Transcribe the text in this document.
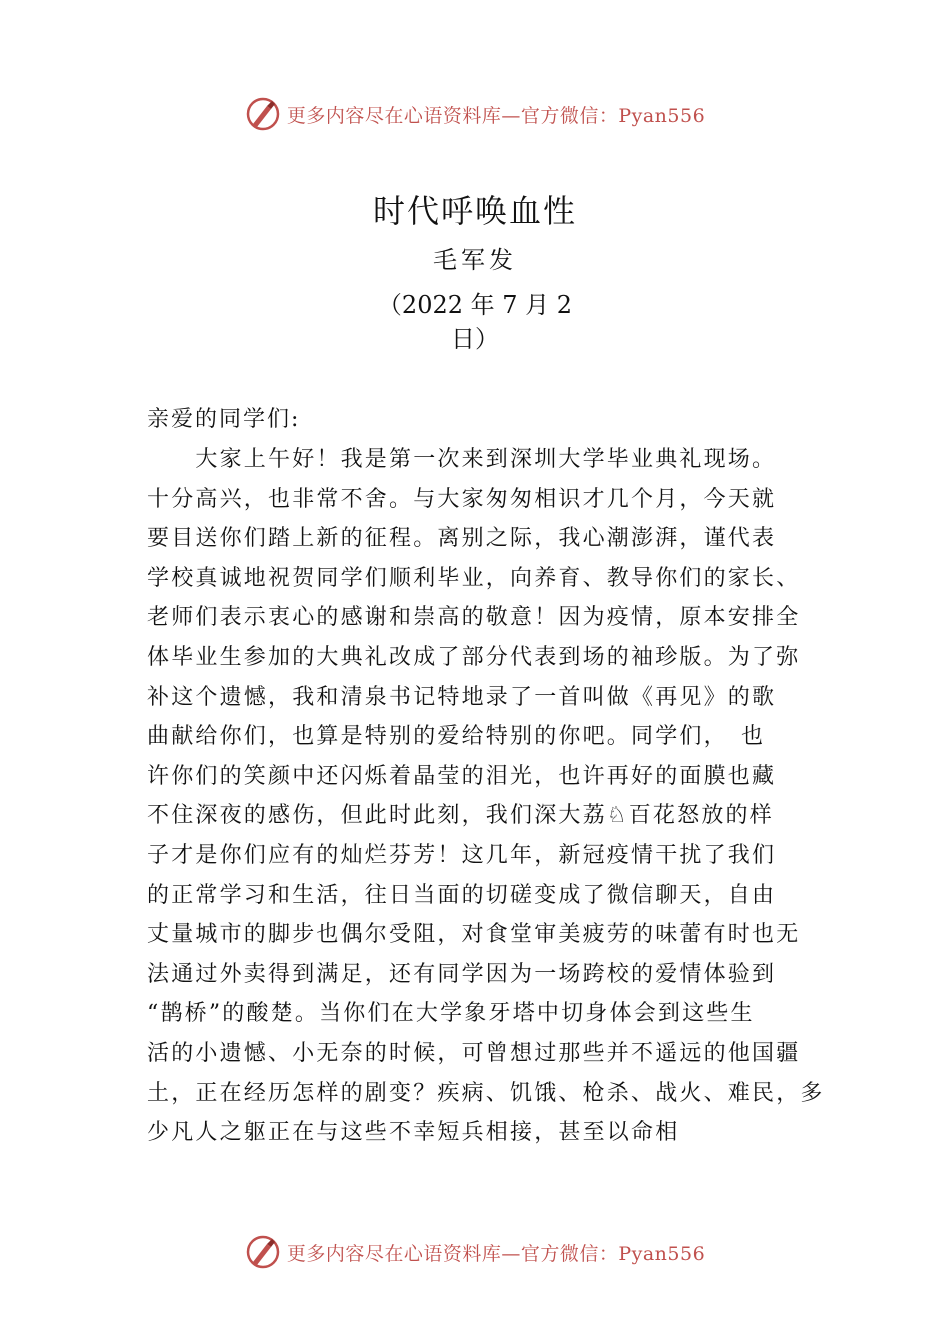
更多内容尽在心语资料库—官方微信：Pyan556
时代呼唤血性
毛军发
（2022 年 7 月 2
日）
亲爱的同学们:
　　大家上午好！我是第一次来到深圳大学毕业典礼现场。
十分高兴，也非常不舍。与大家匆匆相识才几个月，今天就
要目送你们踏上新的征程。离别之际，我心潮澎湃，谨代表
学校真诚地祝贺同学们顺利毕业，向养育、教导你们的家长、
老师们表示衷心的感谢和崇高的敬意！因为疫情，原本安排全
体毕业生参加的大典礼改成了部分代表到场的袖珍版。为了弥
补这个遗憾，我和清泉书记特地录了一首叫做《再见》的歌
曲献给你们，也算是特别的爱给特别的你吧。同学们，　也
许你们的笑颜中还闪烁着晶莹的泪光，也许再好的面膜也藏
不住深夜的感伤，但此时此刻，我们深大荔♘百花怒放的样
子才是你们应有的灿烂芬芳！这几年，新冠疫情干扰了我们
的正常学习和生活，往日当面的切磋变成了微信聊天，自由
丈量城市的脚步也偶尔受阻，对食堂审美疲劳的味蕾有时也无
法通过外卖得到满足，还有同学因为一场跨校的爱情体验到
“鹊桥”的酸楚。当你们在大学象牙塔中切身体会到这些生
活的小遗憾、小无奈的时候，可曾想过那些并不遥远的他国疆
土，正在经历怎样的剧变？疾病、饥饿、枪杀、战火、难民，多
少凡人之躯正在与这些不幸短兵相接，甚至以命相
更多内容尽在心语资料库—官方微信：Pyan556
